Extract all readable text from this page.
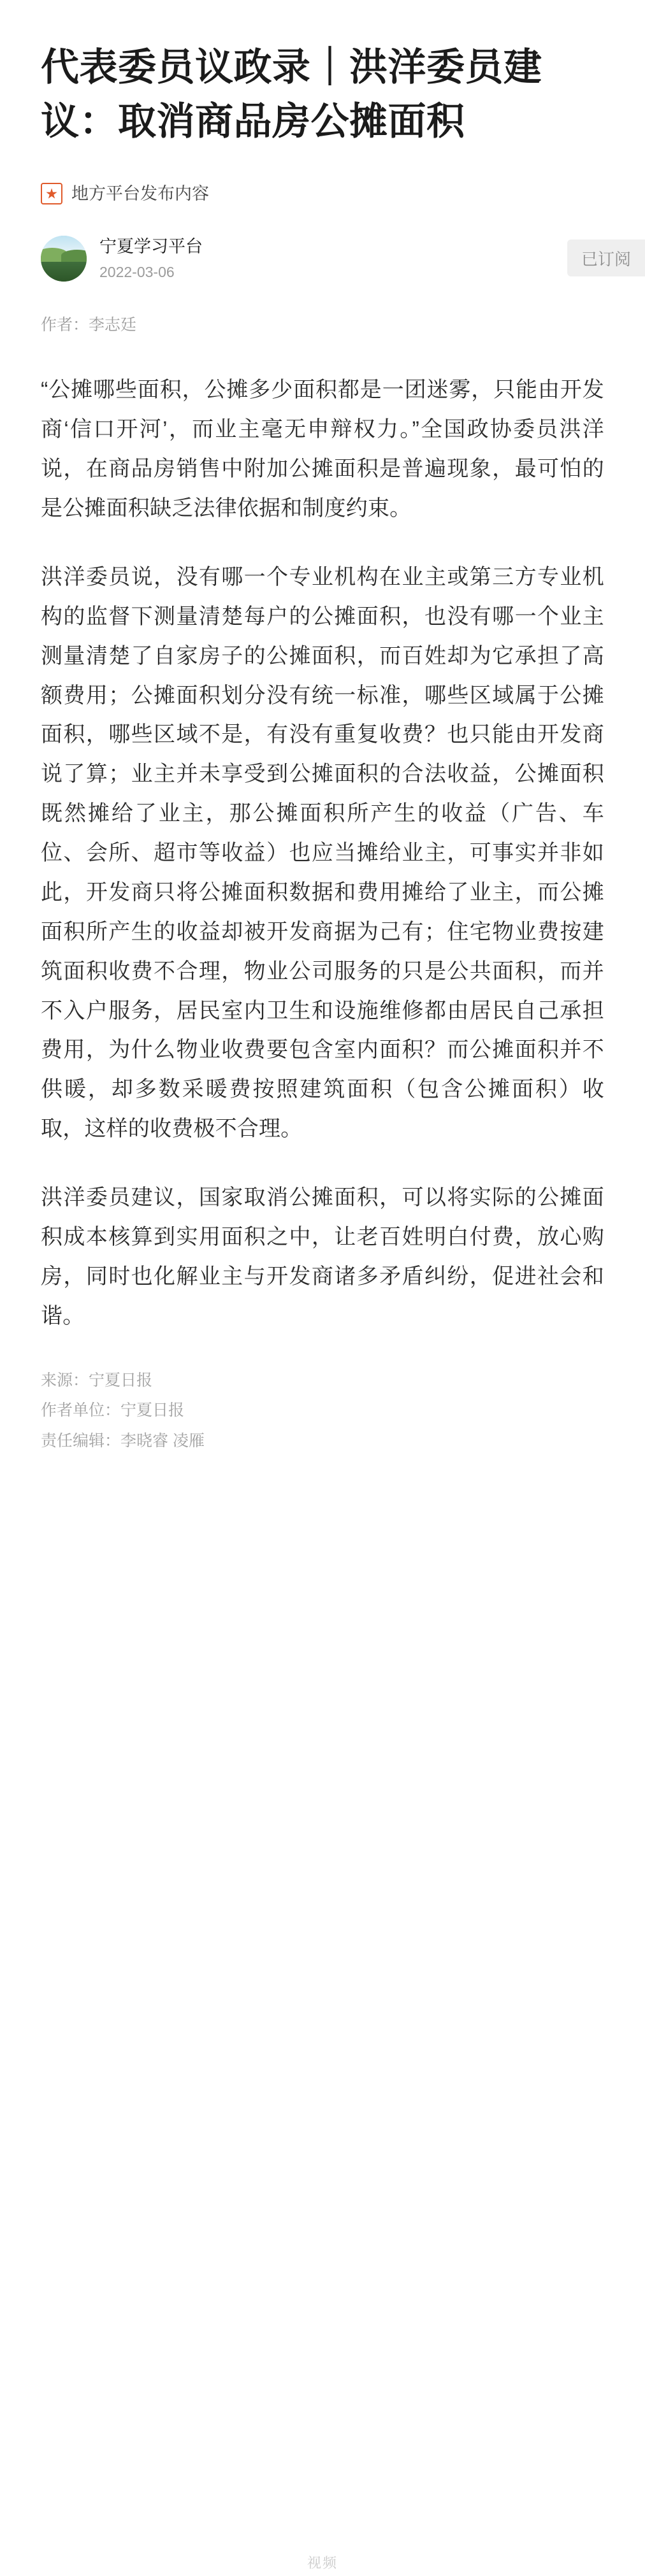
代表委员议政录｜洪洋委员建议：取消商品房公摊面积
地方平台发布内容
宁夏学习平台
2022-03-06
已订阅
作者：李志廷

“公摊哪些面积，公摊多少面积都是一团迷雾，只能由开发商‘信口开河’，而业主毫无申辩权力。”全国政协委员洪洋说，在商品房销售中附加公摊面积是普遍现象，最可怕的是公摊面积缺乏法律依据和制度约束。

洪洋委员说，没有哪一个专业机构在业主或第三方专业机构的监督下测量清楚每户的公摊面积，也没有哪一个业主测量清楚了自家房子的公摊面积，而百姓却为它承担了高额费用；公摊面积划分没有统一标准，哪些区域属于公摊面积，哪些区域不是，有没有重复收费？也只能由开发商说了算；业主并未享受到公摊面积的合法收益，公摊面积既然摊给了业主，那公摊面积所产生的收益（广告、车位、会所、超市等收益）也应当摊给业主，可事实并非如此，开发商只将公摊面积数据和费用摊给了业主，而公摊面积所产生的收益却被开发商据为己有；住宅物业费按建筑面积收费不合理，物业公司服务的只是公共面积，而并不入户服务，居民室内卫生和设施维修都由居民自己承担费用，为什么物业收费要包含室内面积？而公摊面积并不供暖，却多数采暖费按照建筑面积（包含公摊面积）收取，这样的收费极不合理。

洪洋委员建议，国家取消公摊面积，可以将实际的公摊面积成本核算到实用面积之中，让老百姓明白付费，放心购房，同时也化解业主与开发商诸多矛盾纠纷，促进社会和谐。

来源：宁夏日报
作者单位：宁夏日报
责任编辑：李晓睿 凌雁
视频
